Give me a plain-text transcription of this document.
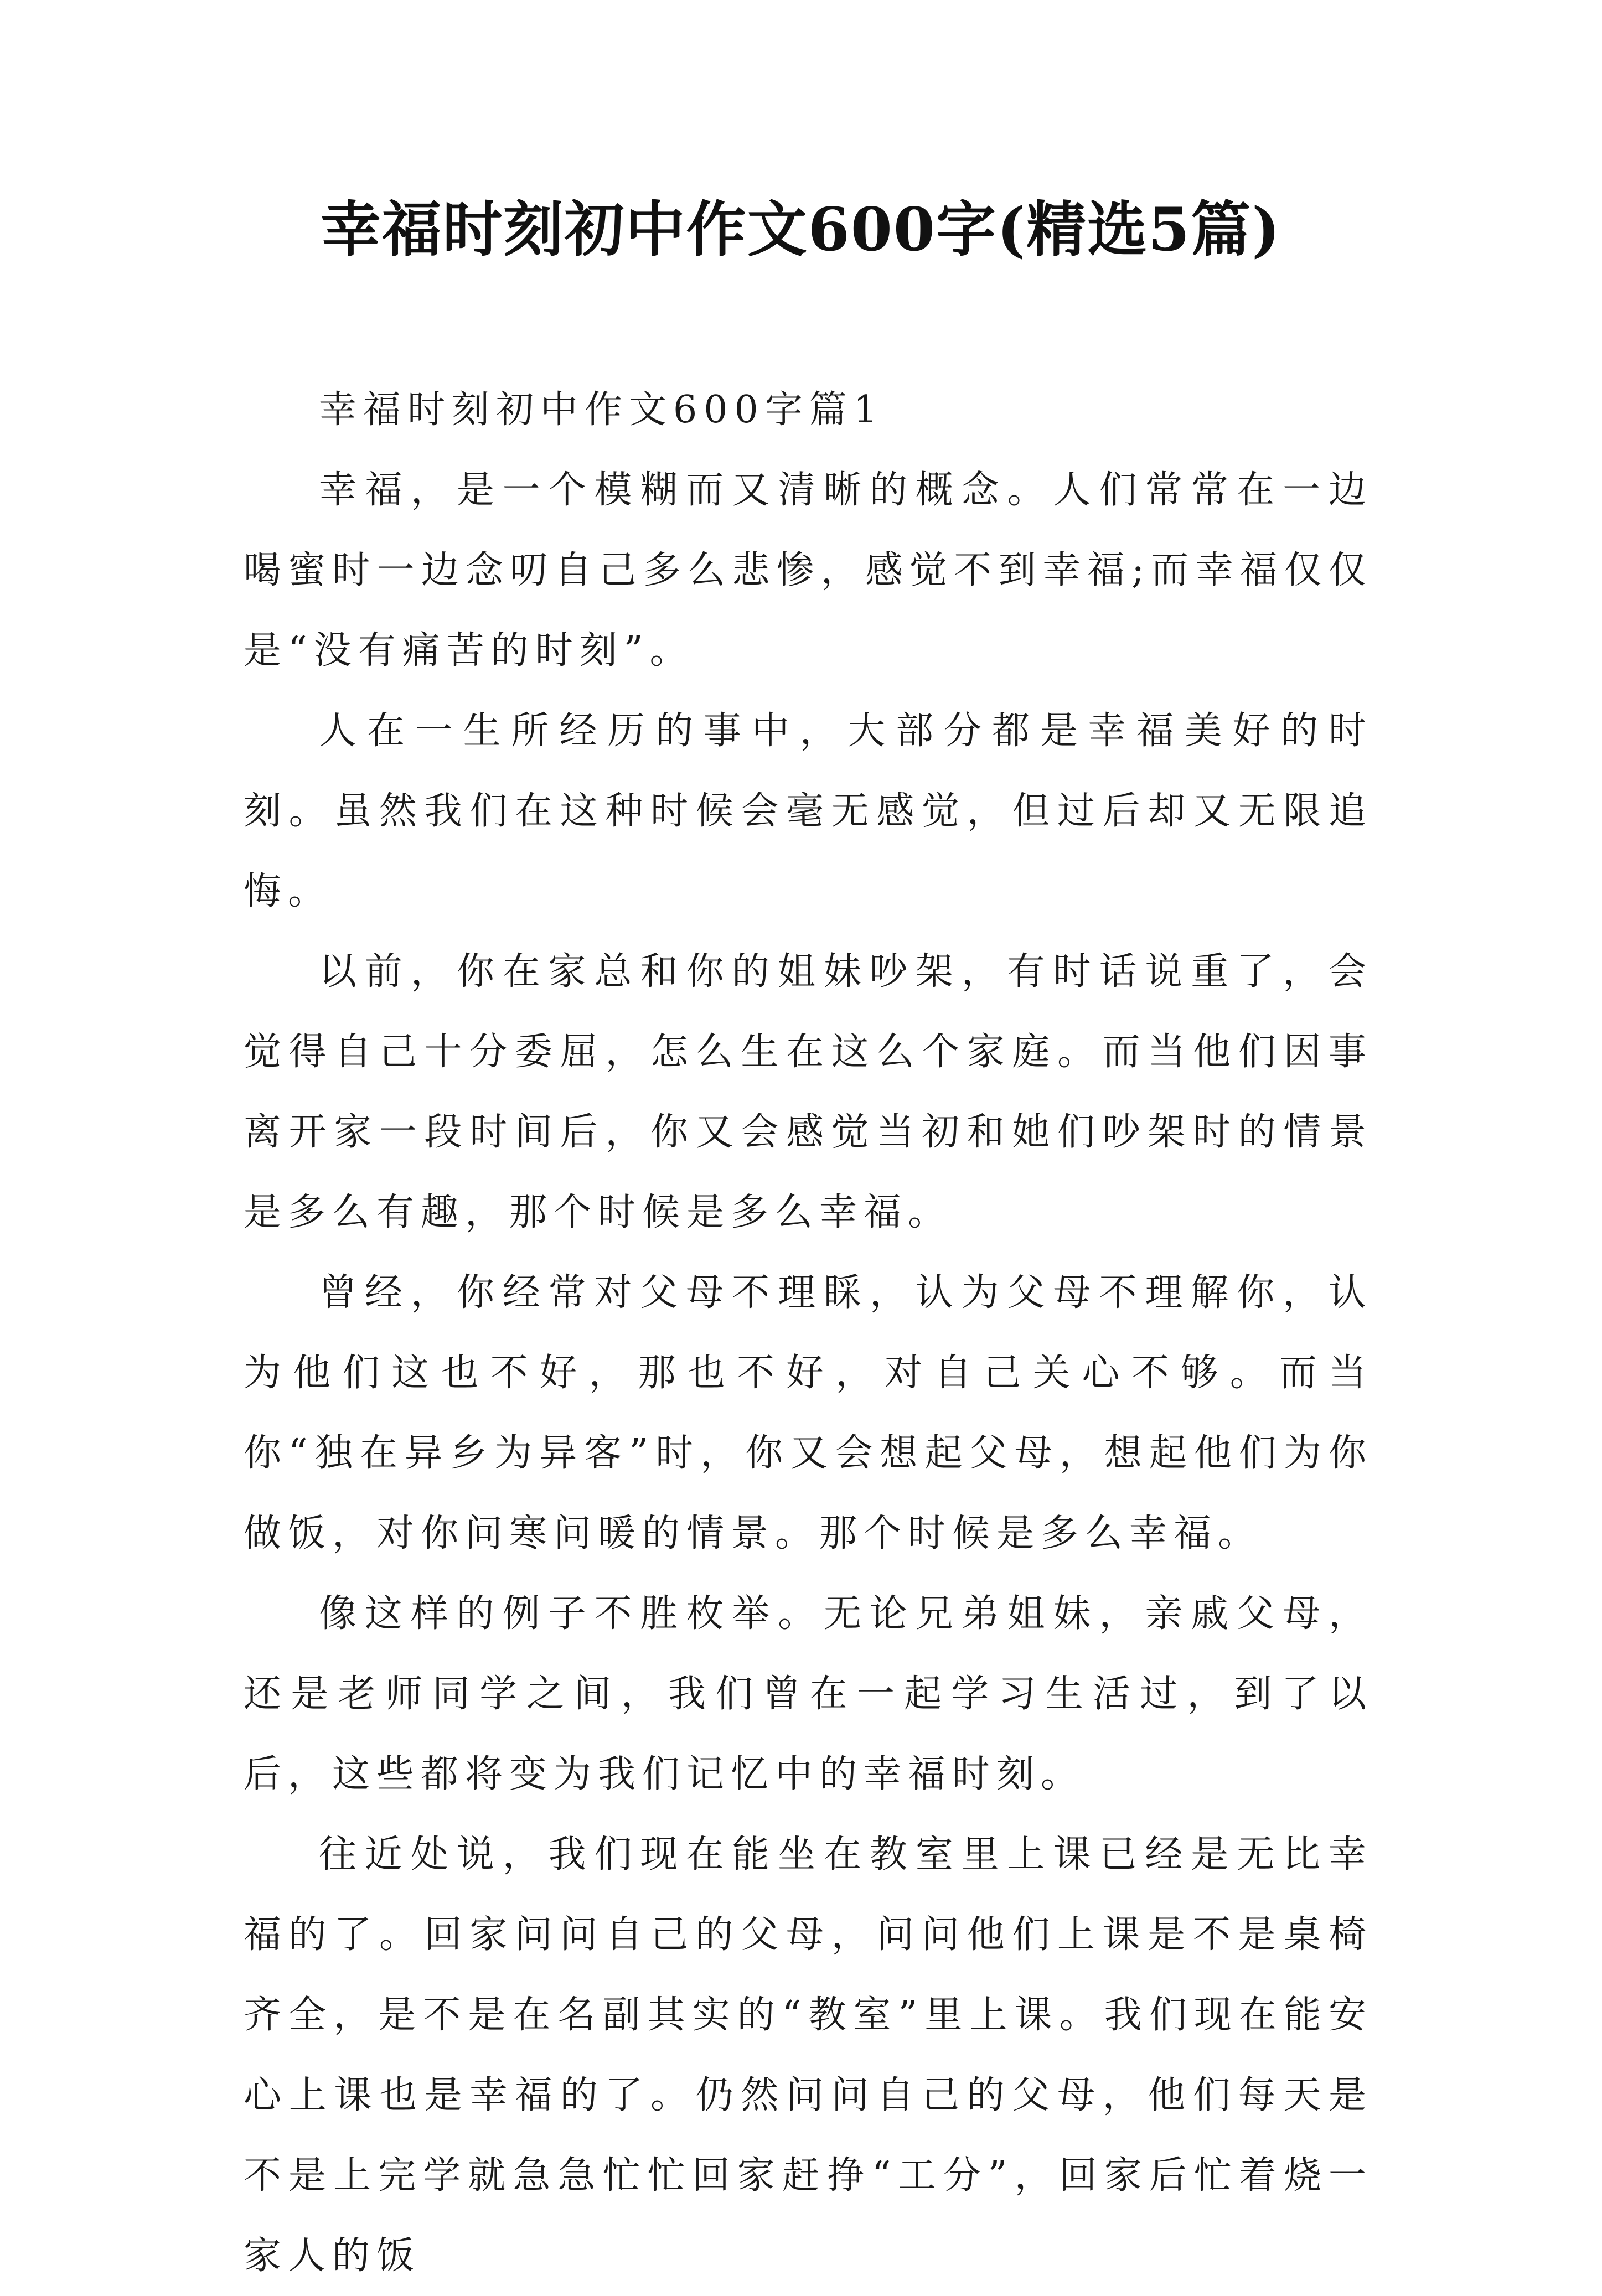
幸福时刻初中作文600字(精选5篇)

幸福时刻初中作文600字篇1

幸福，是一个模糊而又清晰的概念。人们常常在一边喝蜜时一边念叨自己多么悲惨，感觉不到幸福;而幸福仅仅是“没有痛苦的时刻”。

人在一生所经历的事中，大部分都是幸福美好的时刻。虽然我们在这种时候会毫无感觉，但过后却又无限追悔。

以前，你在家总和你的姐妹吵架，有时话说重了，会觉得自己十分委屈，怎么生在这么个家庭。而当他们因事离开家一段时间后，你又会感觉当初和她们吵架时的情景是多么有趣，那个时候是多么幸福。

曾经，你经常对父母不理睬，认为父母不理解你，认为他们这也不好，那也不好，对自己关心不够。而当你“独在异乡为异客”时，你又会想起父母，想起他们为你做饭，对你问寒问暖的情景。那个时候是多么幸福。

像这样的例子不胜枚举。无论兄弟姐妹，亲戚父母，还是老师同学之间，我们曾在一起学习生活过，到了以后，这些都将变为我们记忆中的幸福时刻。

往近处说，我们现在能坐在教室里上课已经是无比幸福的了。回家问问自己的父母，问问他们上课是不是桌椅齐全，是不是在名副其实的“教室”里上课。我们现在能安心上课也是幸福的了。仍然问问自己的父母，他们每天是不是上完学就急急忙忙回家赶挣“工分”，回家后忙着烧一家人的饭
